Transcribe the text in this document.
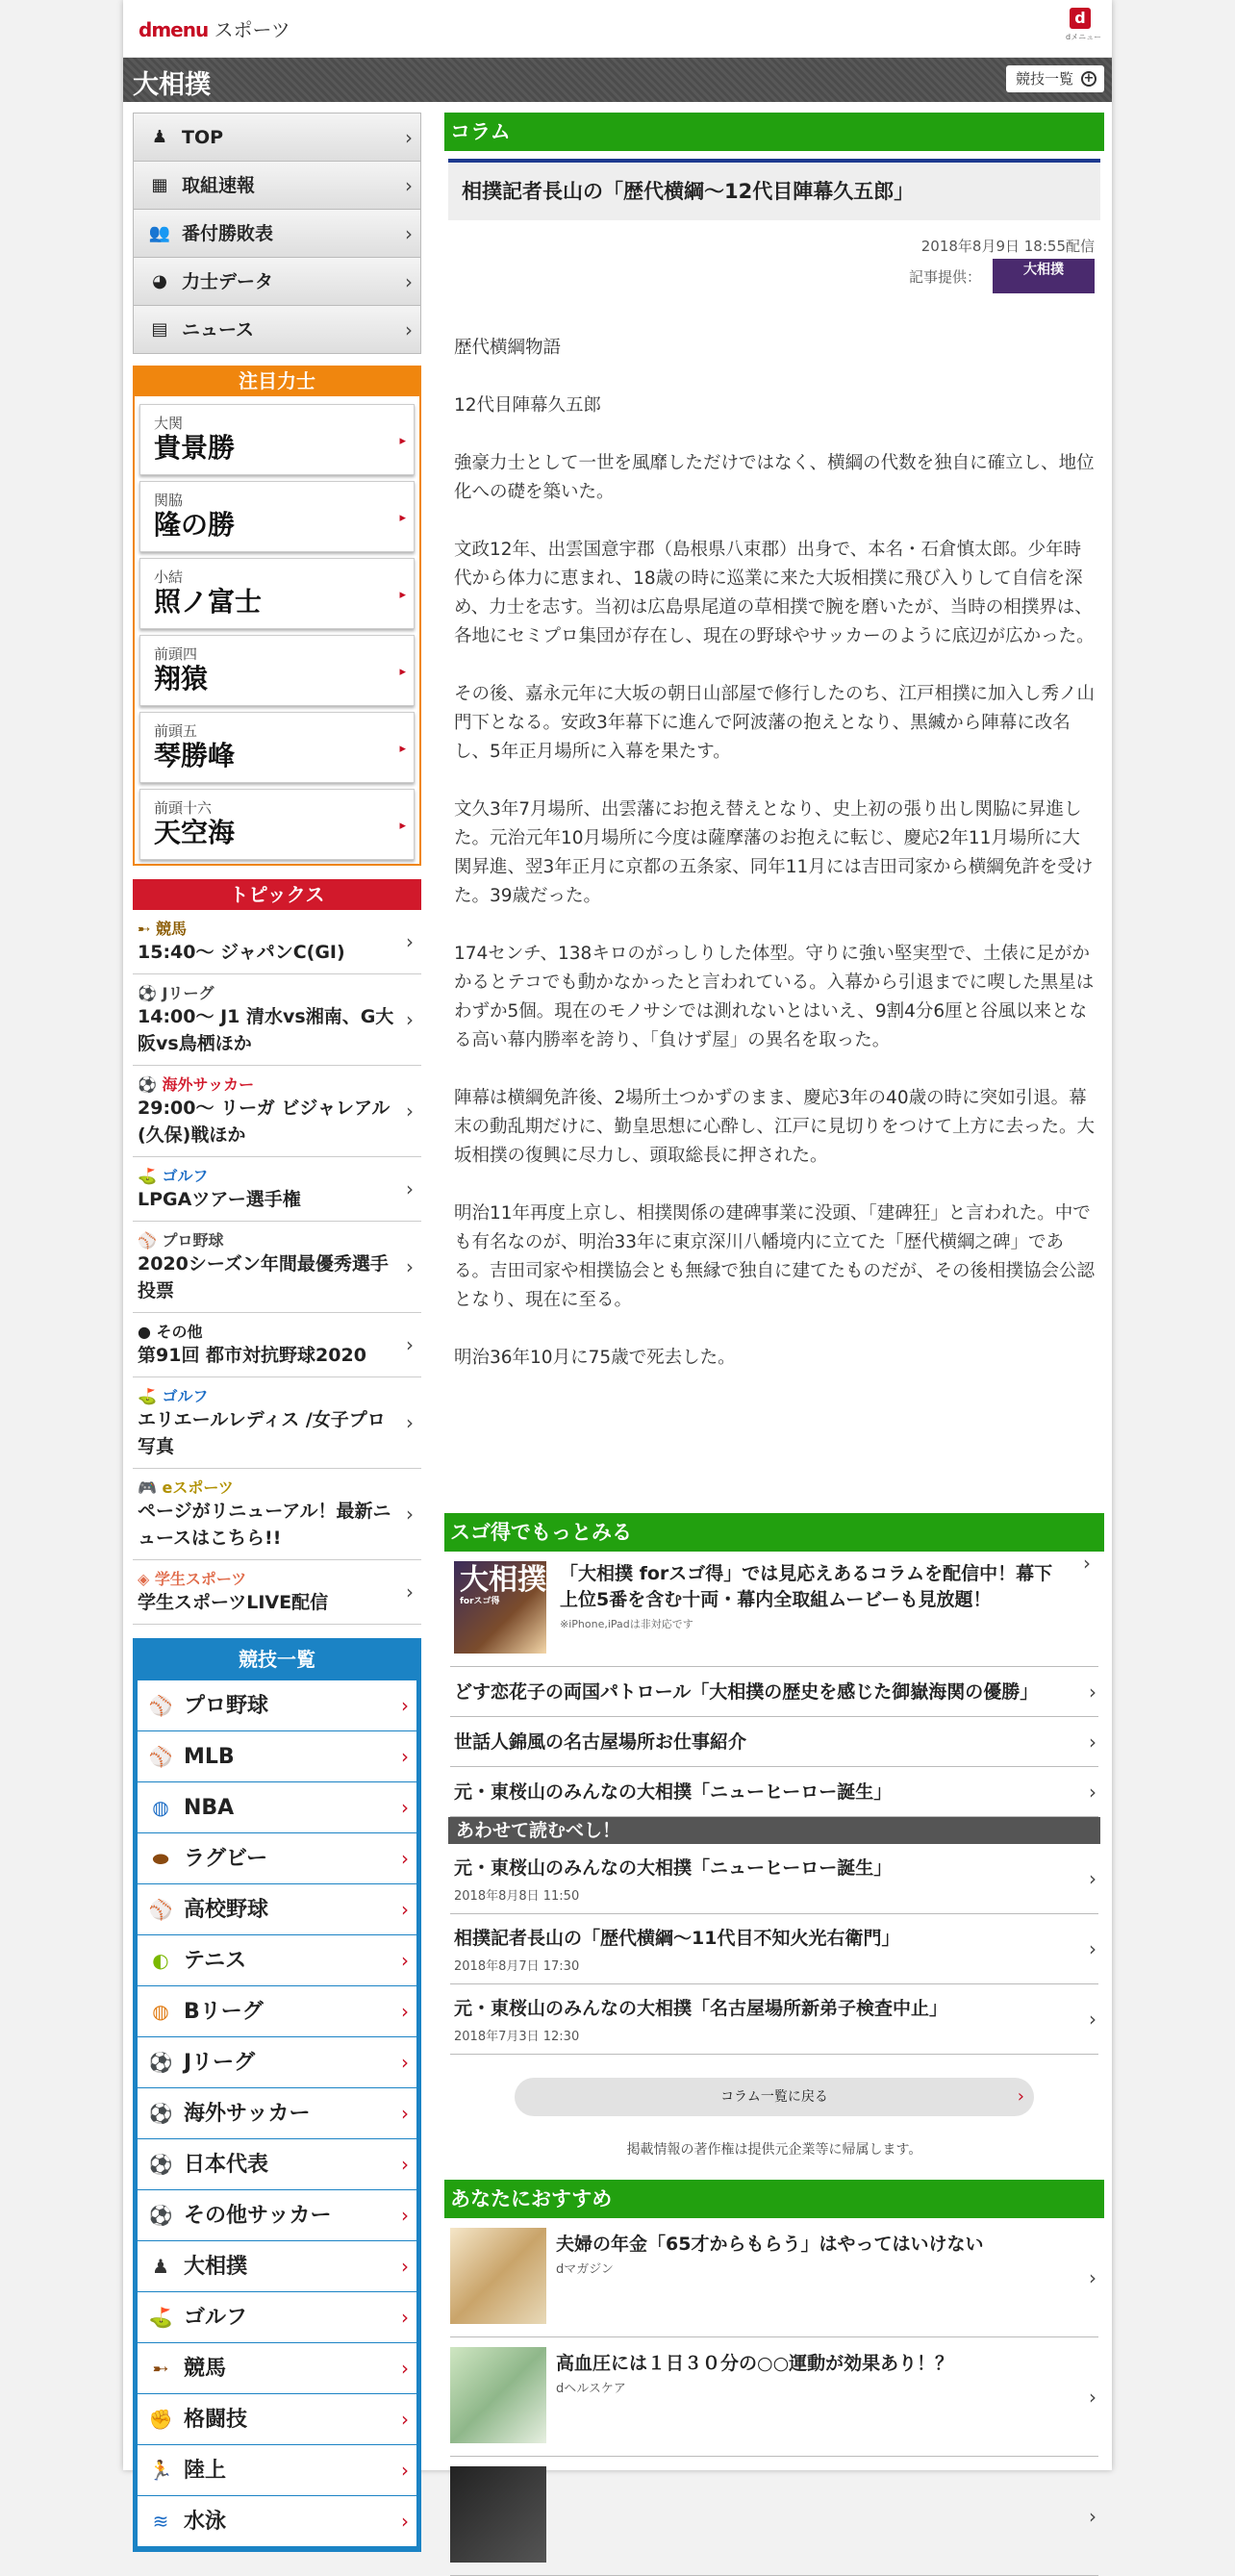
dmenu スポーツ
d
dメニュー
大相撲	競技一覧 +
♟ TOP	›
▦ 取組速報	›
👥 番付勝敗表	›
◕ 力士データ	›
▤ ニュース	›
注目力士
大関
貴景勝	▸
関脇
隆の勝	▸
小結
照ノ富士	▸
前頭四
翔猿	▸
前頭五
琴勝峰	▸
前頭十六
天空海	▸
トピックス
➸ 競馬
15:40～ ジャパンC(GI)	›
⚽ Jリーグ
14:00～ J1 清水vs湘南、G大阪vs鳥栖ほか
›
⚽ 海外サッカー
29:00～ リーガ ビジャレアル(久保)戦ほか
›
⛳ ゴルフ
LPGAツアー選手権	›
⚾ プロ野球
2020シーズン年間最優秀選手投票
›
● その他
第91回 都市対抗野球2020	›
⛳ ゴルフ
エリエールレディス /女子プロ写真
›
🎮 eスポーツ
ページがリニューアル！最新ニュースはこちら!!
›
◈ 学生スポーツ
学生スポーツLIVE配信	›
競技一覧
⚾ プロ野球	›
⚾ MLB	›
◍ NBA	›
⬬ ラグビー	›
⚾ 高校野球	›
◐ テニス	›
◍ Bリーグ	›
⚽ Jリーグ	›
⚽ 海外サッカー	›
⚽ 日本代表	›
⚽ その他サッカー	›
♟ 大相撲	›
⛳ ゴルフ	›
➸ 競馬	›
✊ 格闘技	›
🏃 陸上	›
≋ 水泳	›
コラム
相撲記者長山の「歴代横綱～12代目陣幕久五郎」
2018年8月9日 18:55配信
記事提供：	大相撲

歴代横綱物語

12代目陣幕久五郎

強豪力士として一世を風靡しただけではなく、横綱の代数を独自に確立し、地位化への礎を築いた。

文政12年、出雲国意宇郡（島根県八束郡）出身で、本名・石倉慎太郎。少年時代から体力に恵まれ、18歳の時に巡業に来た大坂相撲に飛び入りして自信を深め、力士を志す。当初は広島県尾道の草相撲で腕を磨いたが、当時の相撲界は、各地にセミプロ集団が存在し、現在の野球やサッカーのように底辺が広かった。

その後、嘉永元年に大坂の朝日山部屋で修行したのち、江戸相撲に加入し秀ノ山門下となる。安政3年幕下に進んで阿波藩の抱えとなり、黒縅から陣幕に改名し、5年正月場所に入幕を果たす。

文久3年7月場所、出雲藩にお抱え替えとなり、史上初の張り出し関脇に昇進した。元治元年10月場所に今度は薩摩藩のお抱えに転じ、慶応2年11月場所に大関昇進、翌3年正月に京都の五条家、同年11月には吉田司家から横綱免許を受けた。39歳だった。

174センチ、138キロのがっしりした体型。守りに強い堅実型で、土俵に足がかかるとテコでも動かなかったと言われている。入幕から引退までに喫した黒星はわずか5個。現在のモノサシでは測れないとはいえ、9割4分6厘と谷風以来となる高い幕内勝率を誇り、「負けず屋」の異名を取った。

陣幕は横綱免許後、2場所土つかずのまま、慶応3年の40歳の時に突如引退。幕末の動乱期だけに、勤皇思想に心酔し、江戸に見切りをつけて上方に去った。大坂相撲の復興に尽力し、頭取総長に押された。

明治11年再度上京し、相撲関係の建碑事業に没頭、「建碑狂」と言われた。中でも有名なのが、明治33年に東京深川八幡境内に立てた「歴代横綱之碑」である。吉田司家や相撲協会とも無縁で独自に建てたものだが、その後相撲協会公認となり、現在に至る。

明治36年10月に75歳で死去した。

スゴ得でもっとみる
大相撲
forスゴ得
「大相撲 forスゴ得」では見応えあるコラムを配信中！幕下上位5番を含む十両・幕内全取組ムービーも見放題！
※iPhone,iPadは非対応です
›
どす恋花子の両国パトロール「大相撲の歴史を感じた御嶽海関の優勝」	›
世話人錦風の名古屋場所お仕事紹介	›
元・東桜山のみんなの大相撲「ニューヒーロー誕生」	›
あわせて読むべし！
元・東桜山のみんなの大相撲「ニューヒーロー誕生」
2018年8月8日 11:50
›
相撲記者長山の「歴代横綱～11代目不知火光右衛門」
2018年8月7日 17:30
›
元・東桜山のみんなの大相撲「名古屋場所新弟子検査中止」
2018年7月3日 12:30
›
コラム一覧に戻る	›
掲載情報の著作権は提供元企業等に帰属します。
あなたにおすすめ
夫婦の年金「65才からもらう」はやってはいけない
dマガジン	›
高血圧には１日３０分の○○運動が効果あり！？
dヘルスケア	›
›
